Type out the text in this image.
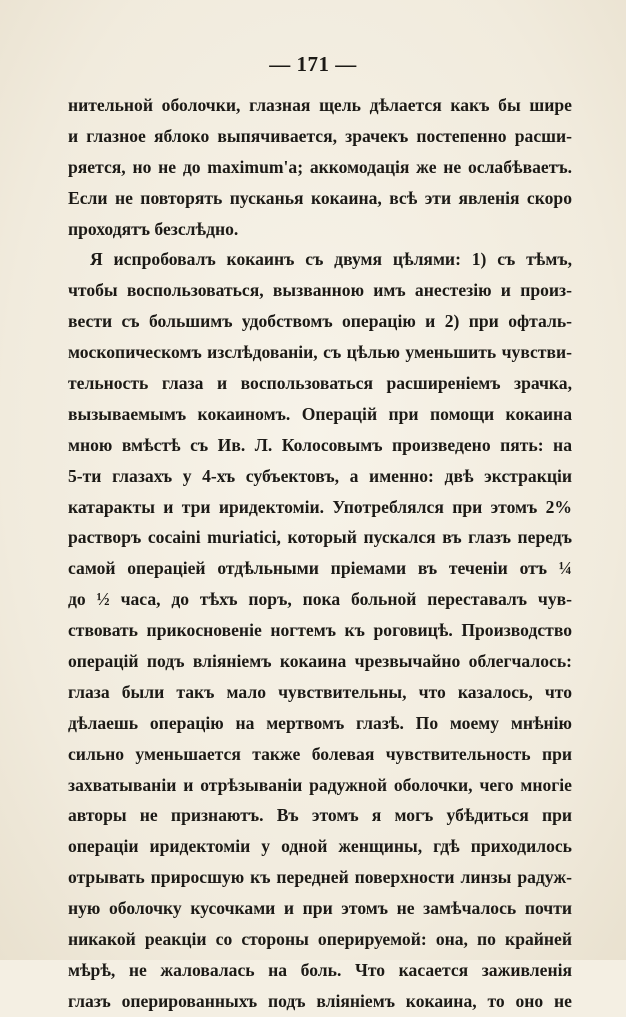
— 171 —
нительной оболочки, глазная щель дѣлается какъ бы шире
и глазное яблоко выпячивается, зрачекъ постепенно расши-
ряется, но не до maximum'а; аккомодація же не ослабѣваетъ.
Если не повторять пусканья кокаина, всѣ эти явленія скоро
проходятъ безслѣдно.
Я испробовалъ кокаинъ съ двумя цѣлями: 1) съ тѣмъ,
чтобы воспользоваться, вызванною имъ анестезію и произ-
вести съ большимъ удобствомъ операцію и 2) при офталь-
москопическомъ изслѣдованіи, съ цѣлью уменьшить чувстви-
тельность глаза и воспользоваться расширеніемъ зрачка,
вызываемымъ кокаиномъ. Операцій при помощи кокаина
мною вмѣстѣ съ Ив. Л. Колосовымъ произведено пять: на
5-ти глазахъ у 4-хъ субъектовъ, а именно: двѣ экстракціи
катаракты и три иридектоміи. Употреблялся при этомъ 2%
растворъ cocaini muriatici, который пускался въ глазъ передъ
самой операціей отдѣльными пріемами въ теченіи отъ ¼
до ½ часа, до тѣхъ поръ, пока больной переставалъ чув-
ствовать прикосновеніе ногтемъ къ роговицѣ. Производство
операцій подъ вліяніемъ кокаина чрезвычайно облегчалось:
глаза были такъ мало чувствительны, что казалось, что
дѣлаешь операцію на мертвомъ глазѣ. По моему мнѣнію
сильно уменьшается также болевая чувствительность при
захватываніи и отрѣзываніи радужной оболочки, чего многіе
авторы не признаютъ. Въ этомъ я могъ убѣдиться при
операціи иридектоміи у одной женщины, гдѣ приходилось
отрывать приросшую къ передней поверхности линзы радуж-
ную оболочку кусочками и при этомъ не замѣчалось почти
никакой реакціи со стороны оперируемой: она, по крайней
мѣрѣ, не жаловалась на боль. Что касается заживленія
глазъ оперированныхъ подъ вліяніемъ кокаина, то оно не
